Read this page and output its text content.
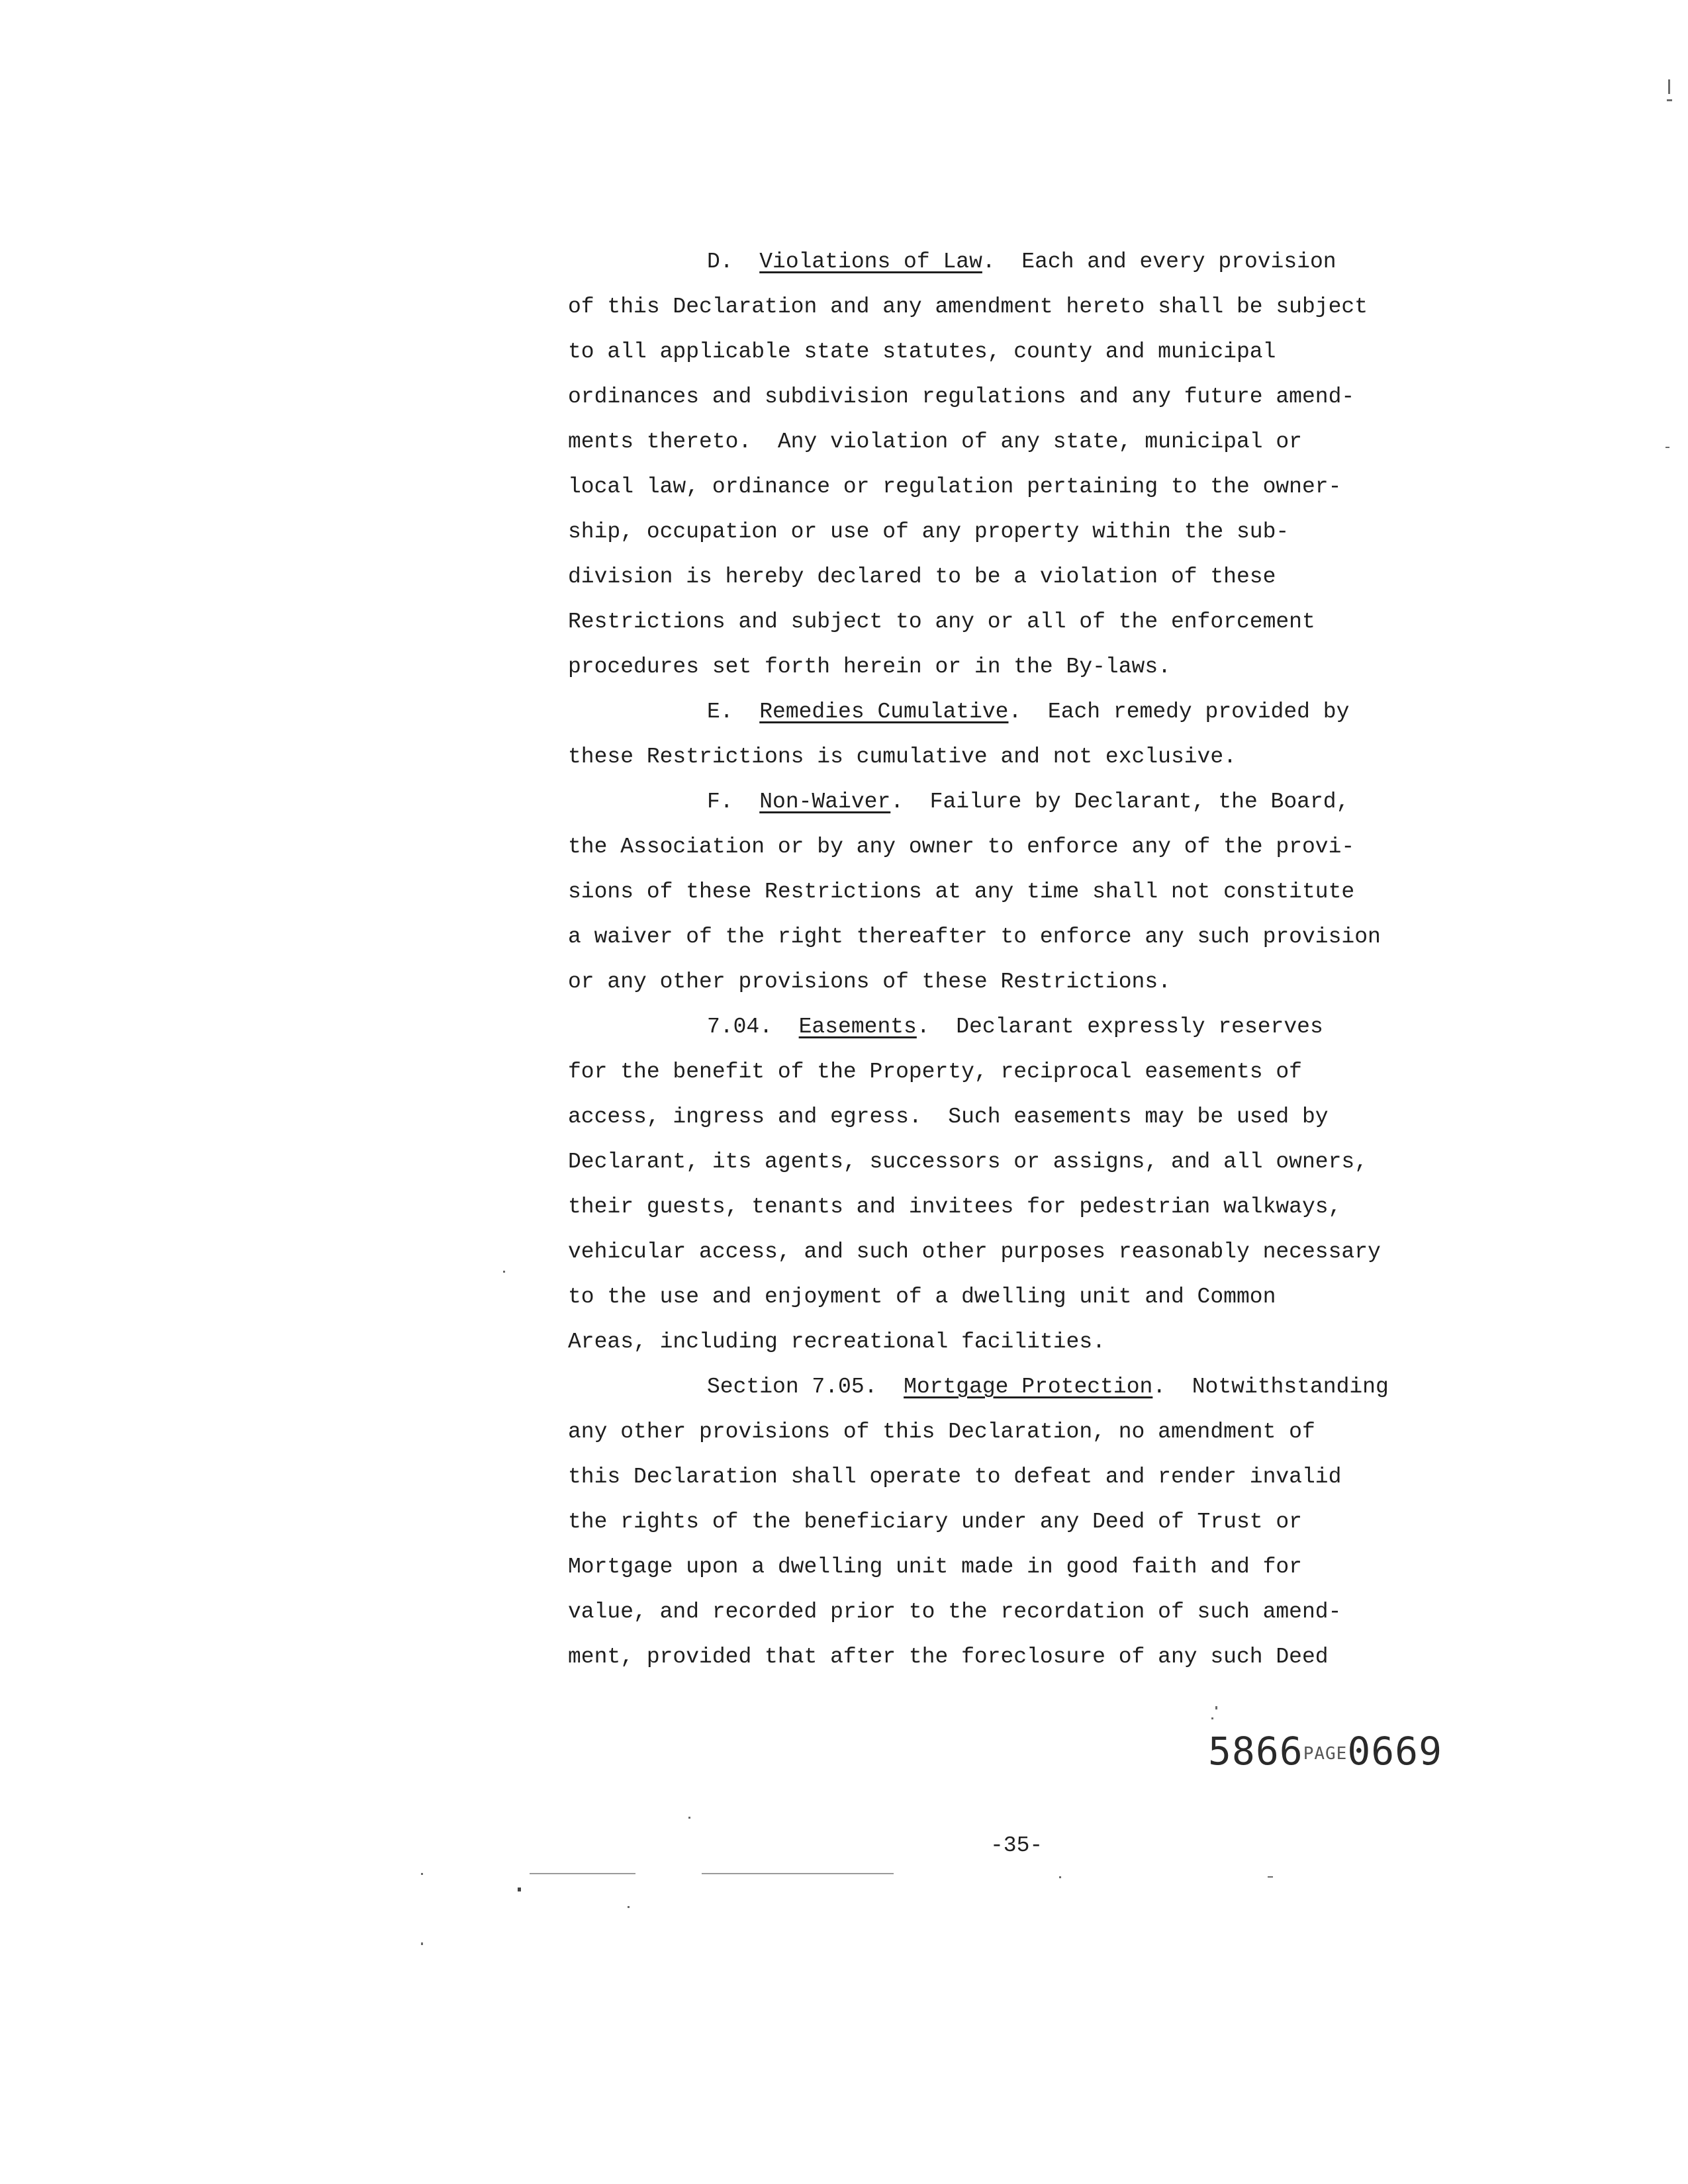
D.  Violations of Law.  Each and every provision
of this Declaration and any amendment hereto shall be subject
to all applicable state statutes, county and municipal
ordinances and subdivision regulations and any future amend-
ments thereto.  Any violation of any state, municipal or
local law, ordinance or regulation pertaining to the owner-
ship, occupation or use of any property within the sub-
division is hereby declared to be a violation of these
Restrictions and subject to any or all of the enforcement
procedures set forth herein or in the By-laws.
E.  Remedies Cumulative.  Each remedy provided by
these Restrictions is cumulative and not exclusive.
F.  Non-Waiver.  Failure by Declarant, the Board,
the Association or by any owner to enforce any of the provi-
sions of these Restrictions at any time shall not constitute
a waiver of the right thereafter to enforce any such provision
or any other provisions of these Restrictions.
7.04.  Easements.  Declarant expressly reserves
for the benefit of the Property, reciprocal easements of
access, ingress and egress.  Such easements may be used by
Declarant, its agents, successors or assigns, and all owners,
their guests, tenants and invitees for pedestrian walkways,
vehicular access, and such other purposes reasonably necessary
to the use and enjoyment of a dwelling unit and Common
Areas, including recreational facilities.
Section 7.05.  Mortgage Protection.  Notwithstanding
any other provisions of this Declaration, no amendment of
this Declaration shall operate to defeat and render invalid
the rights of the beneficiary under any Deed of Trust or
Mortgage upon a dwelling unit made in good faith and for
value, and recorded prior to the recordation of such amend-
ment, provided that after the foreclosure of any such Deed
5866PAGE0669
-35-
